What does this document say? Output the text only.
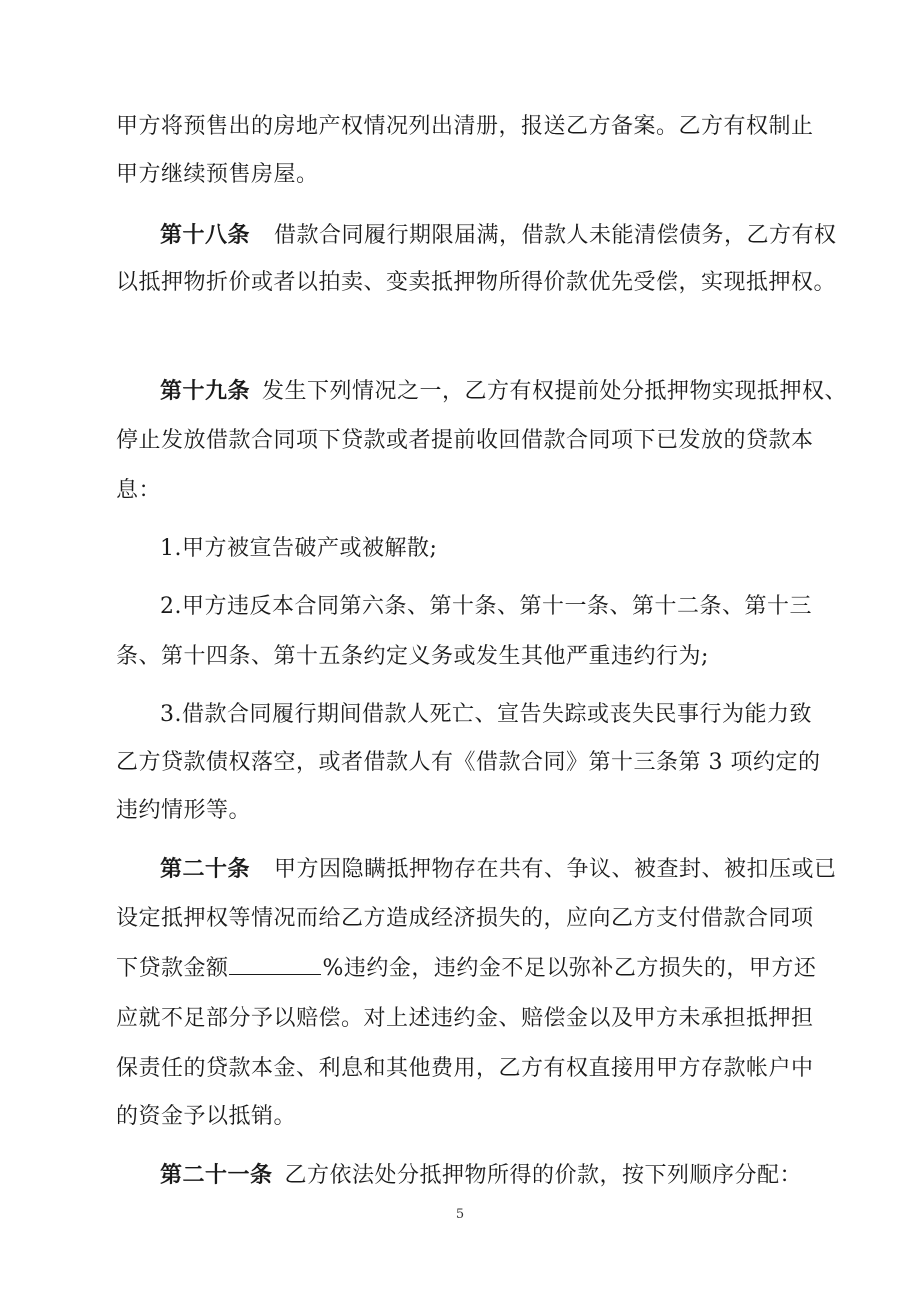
甲方将预售出的房地产权情况列出清册，报送乙方备案。乙方有权制止
甲方继续预售房屋。
第十八条 借款合同履行期限届满，借款人未能清偿债务，乙方有权
以抵押物折价或者以拍卖、变卖抵押物所得价款优先受偿，实现抵押权。
第十九条 发生下列情况之一，乙方有权提前处分抵押物实现抵押权、
停止发放借款合同项下贷款或者提前收回借款合同项下已发放的贷款本
息：
1.甲方被宣告破产或被解散;
2.甲方违反本合同第六条、第十条、第十一条、第十二条、第十三
条、第十四条、第十五条约定义务或发生其他严重违约行为;
3.借款合同履行期间借款人死亡、宣告失踪或丧失民事行为能力致
乙方贷款债权落空，或者借款人有《借款合同》第十三条第 3 项约定的
违约情形等。
第二十条 甲方因隐瞒抵押物存在共有、争议、被查封、被扣压或已
设定抵押权等情况而给乙方造成经济损失的，应向乙方支付借款合同项
下贷款金额	%违约金，违约金不足以弥补乙方损失的，甲方还
应就不足部分予以赔偿。对上述违约金、赔偿金以及甲方未承担抵押担
保责任的贷款本金、利息和其他费用，乙方有权直接用甲方存款帐户中
的资金予以抵销。
第二十一条 乙方依法处分抵押物所得的价款，按下列顺序分配：
5
